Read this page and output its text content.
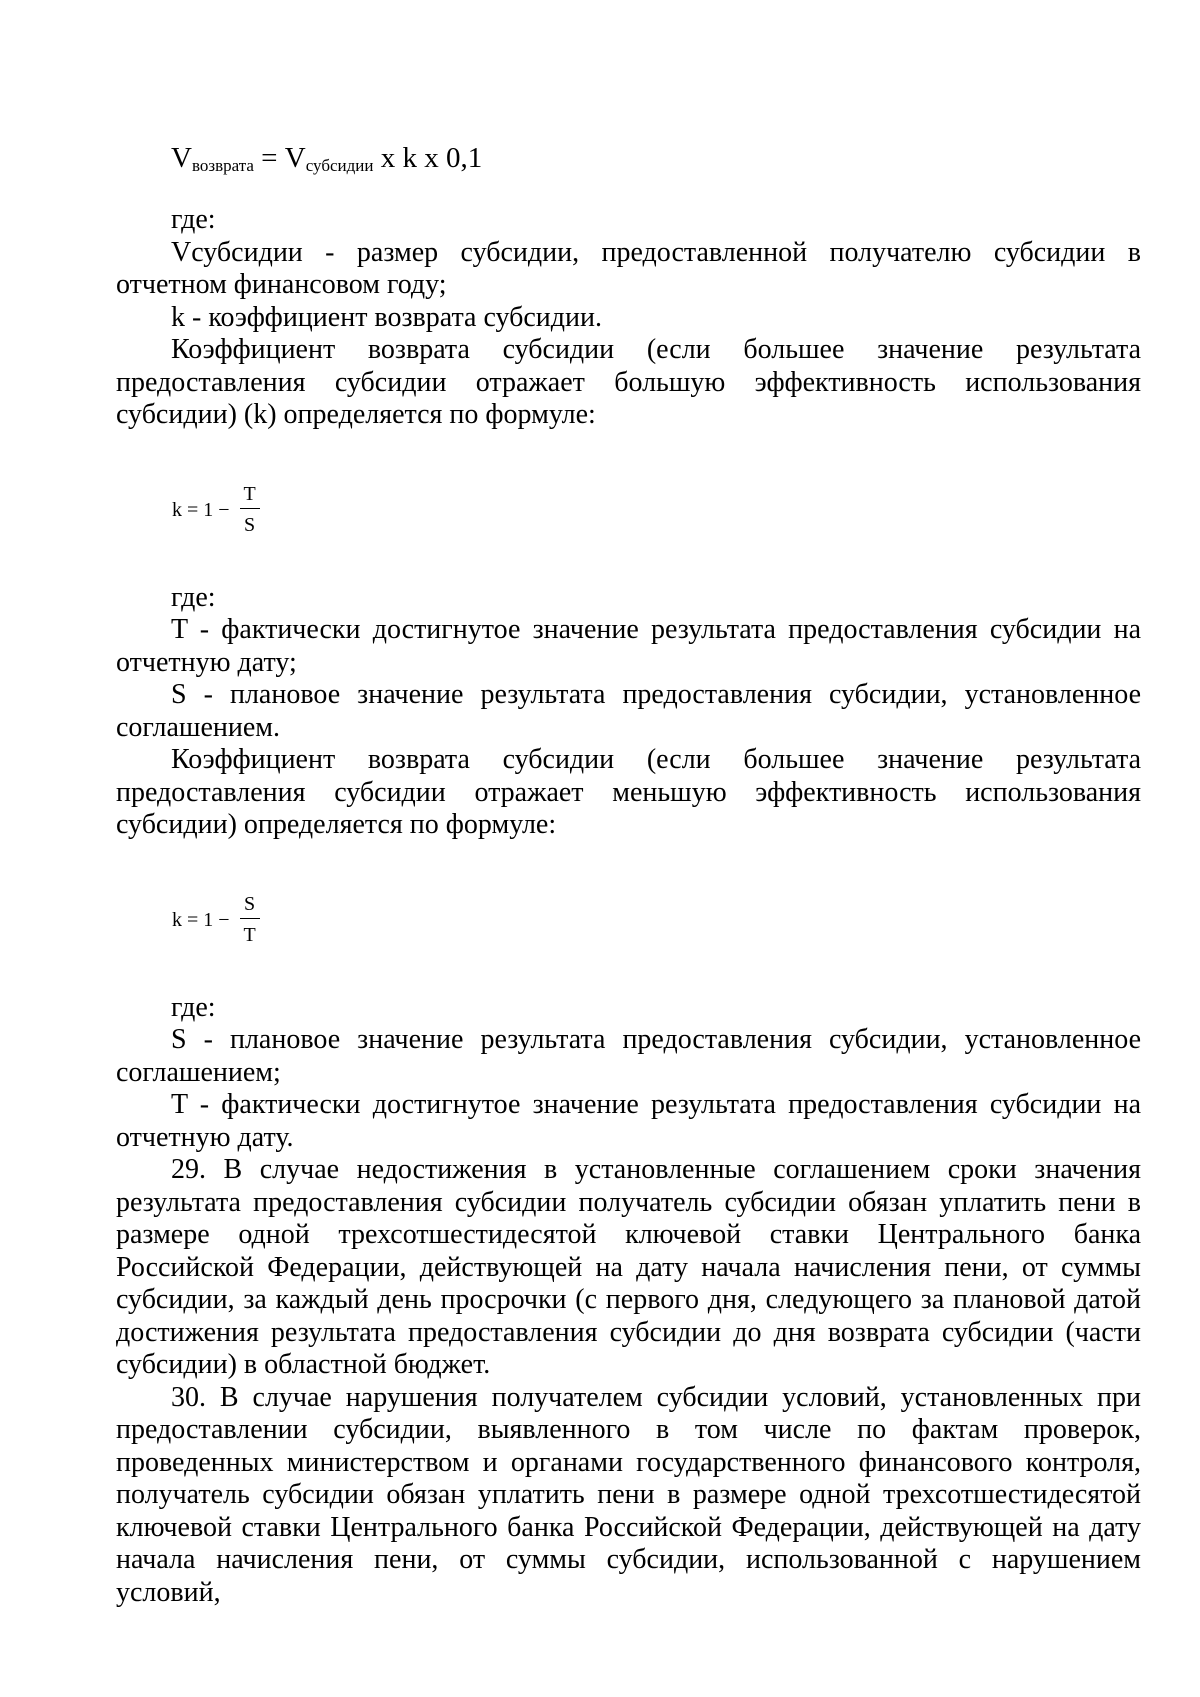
$V_{возврата} = V_{субсидии}$ x k x 0,1

где:

Vсубсидии - размер субсидии, предоставленной получателю субсидии в отчетном финансовом году;

k - коэффициент возврата субсидии.

Коэффициент возврата субсидии (если большее значение результата предоставления субсидии отражает большую эффективность использования субсидии) (k) определяется по формуле:

$k = 1 - \frac{T}{S}$

где:

T - фактически достигнутое значение результата предоставления субсидии на отчетную дату;

S - плановое значение результата предоставления субсидии, установленное соглашением.

Коэффициент возврата субсидии (если большее значение результата предоставления субсидии отражает меньшую эффективность использования субсидии) определяется по формуле:

$k = 1 - \frac{S}{T}$

где:

S - плановое значение результата предоставления субсидии, установленное соглашением;

T - фактически достигнутое значение результата предоставления субсидии на отчетную дату.

29. В случае недостижения в установленные соглашением сроки значения результата предоставления субсидии получатель субсидии обязан уплатить пени в размере одной трехсотшестидесятой ключевой ставки Центрального банка Российской Федерации, действующей на дату начала начисления пени, от суммы субсидии, за каждый день просрочки (с первого дня, следующего за плановой датой достижения результата предоставления субсидии до дня возврата субсидии (части субсидии) в областной бюджет.

30. В случае нарушения получателем субсидии условий, установленных при предоставлении субсидии, выявленного в том числе по фактам проверок, проведенных министерством и органами государственного финансового контроля, получатель субсидии обязан уплатить пени в размере одной трехсотшестидесятой ключевой ставки Центрального банка Российской Федерации, действующей на дату начала начисления пени, от суммы субсидии, использованной с нарушением условий,
